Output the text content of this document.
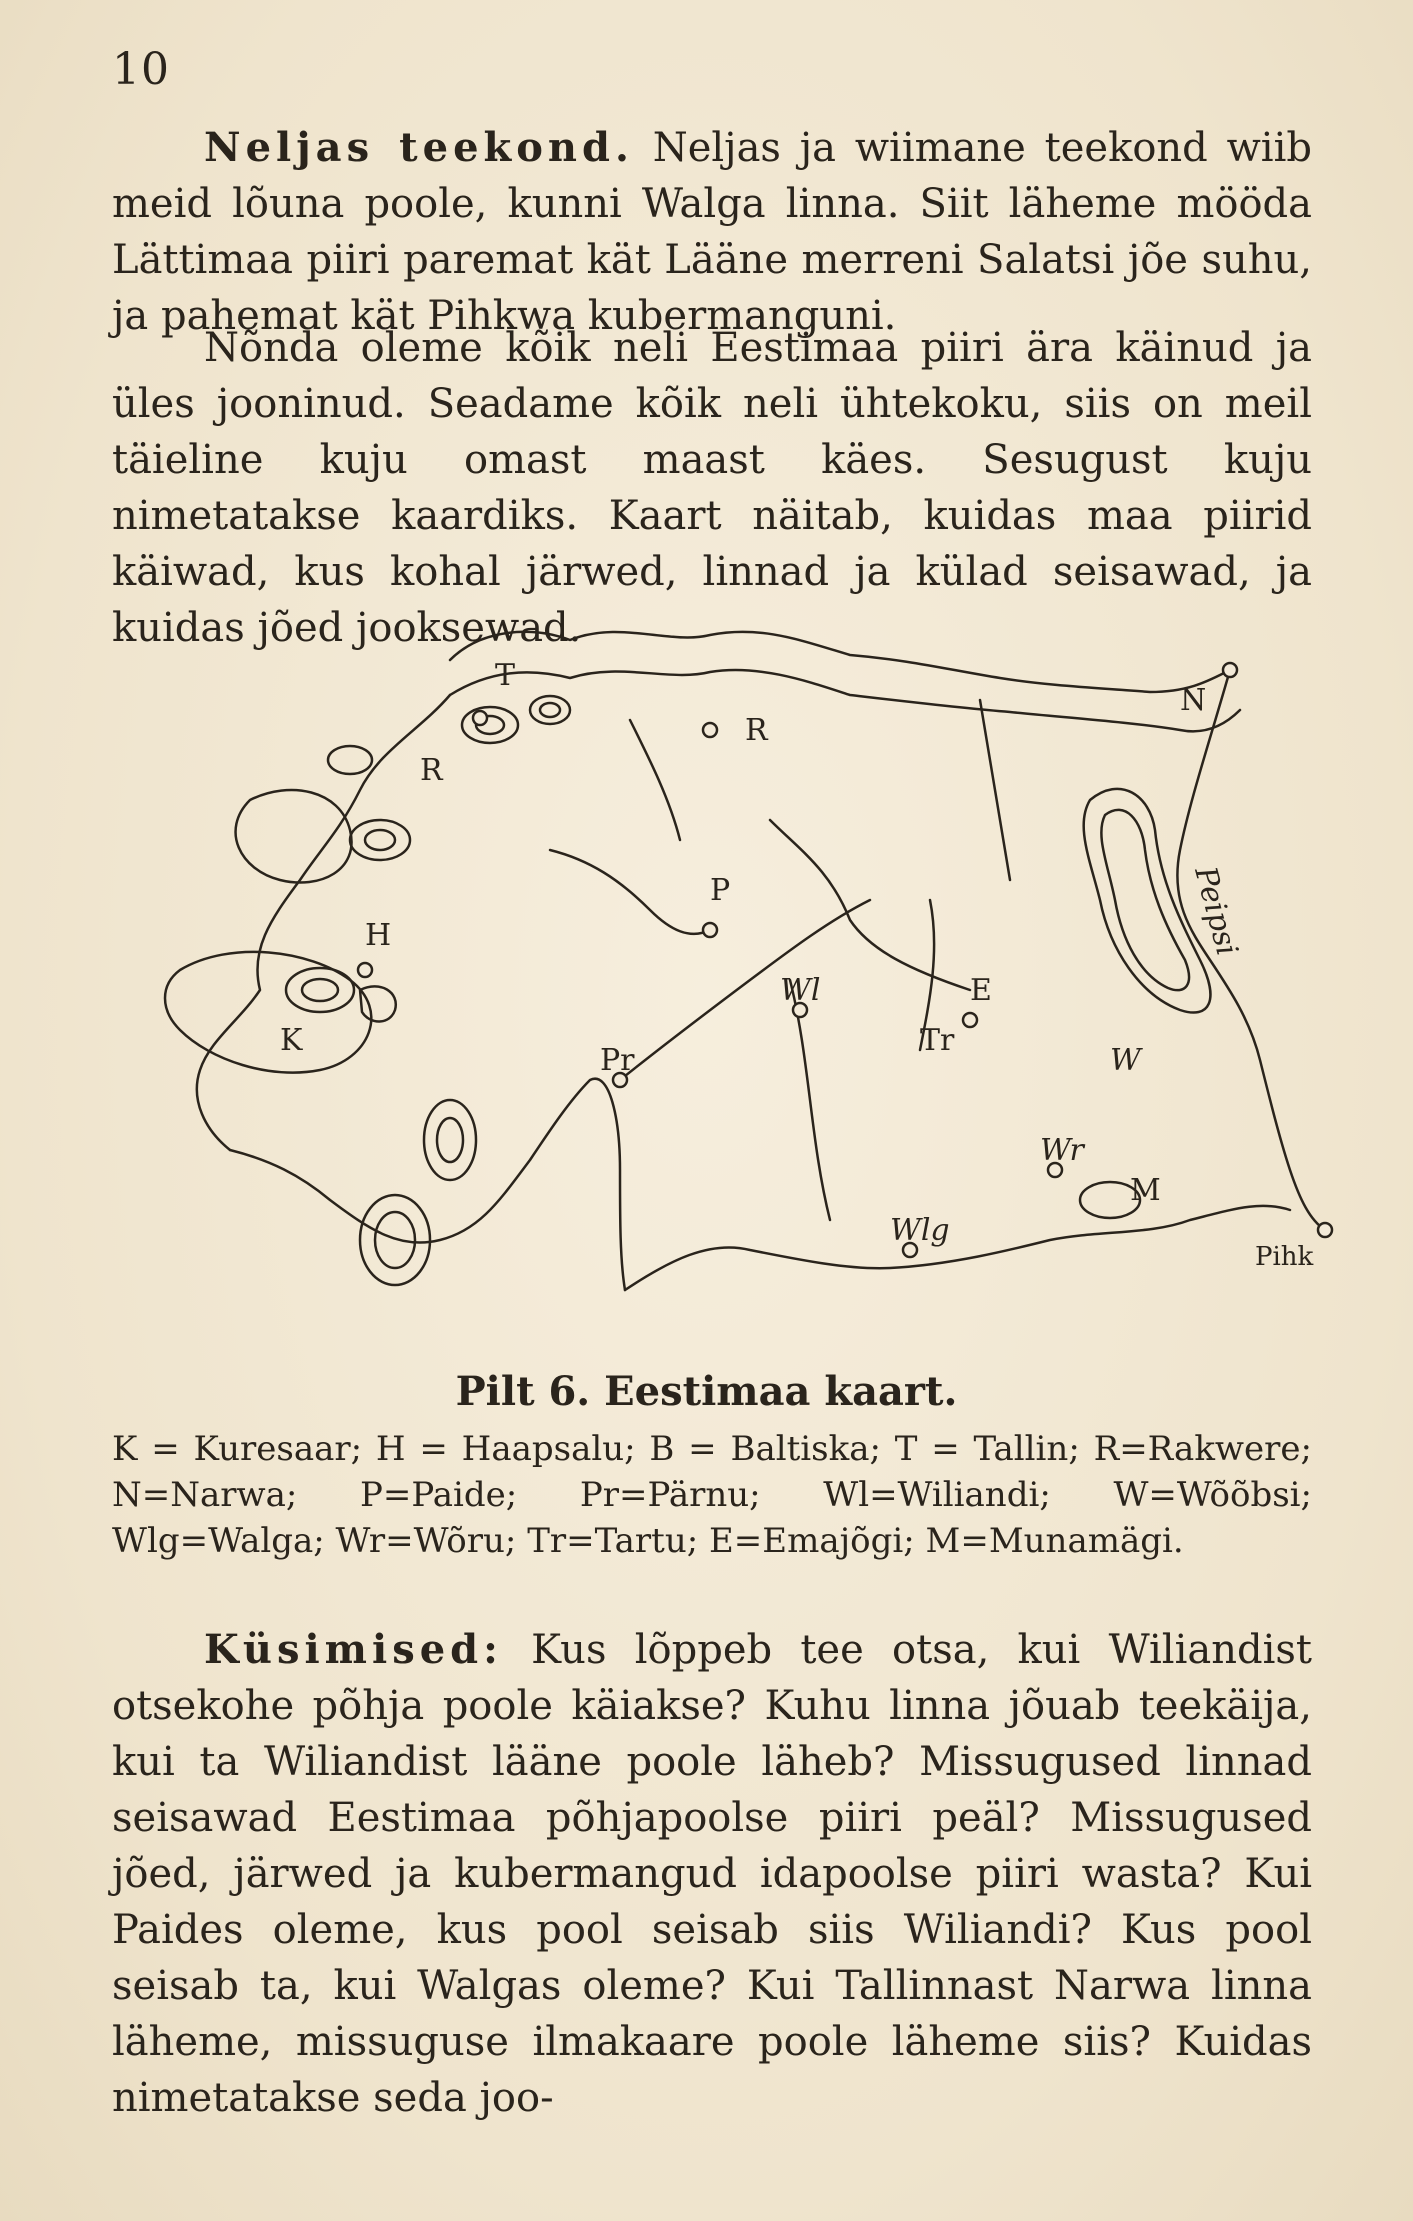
10

Neljas teekond. Neljas ja wiimane teekond wiib meid lõuna poole, kunni Walga linna. Siit läheme mööda Lättimaa piiri paremat kät Lääne merreni Salatsi jõe suhu, ja pahemat kät Pihkwa kubermanguni.

Nõnda oleme kõik neli Eestimaa piiri ära käinud ja üles jooninud. Seadame kõik neli ühtekoku, siis on meil täieline kuju omast maast käes. Sesugust kuju nimetatakse kaardiks. Kaart näitab, kuidas maa piirid käiwad, kus kohal järwed, linnad ja külad seisawad, ja kuidas jõed jooksewad.

T
R
N
R
P
H
K
Pr
Wl	E
Tr
W
Wr
M
Wlg
Peipsi
Pihk
Pilt 6. Eestimaa kaart.

K = Kuresaar; H = Haapsalu; B = Baltiska; T = Tallin; R=Rakwere; N=Narwa; P=Paide; Pr=Pärnu; Wl=Wiliandi; W=Wõõbsi; Wlg=Walga; Wr=Wõru; Tr=Tartu; E=Emajõgi; M=Munamägi.

Küsimised: Kus lõppeb tee otsa, kui Wiliandist otsekohe põhja poole käiakse? Kuhu linna jõuab teekäija, kui ta Wiliandist lääne poole läheb? Missugused linnad seisawad Eestimaa põhjapoolse piiri peäl? Missugused jõed, järwed ja kubermangud idapoolse piiri wasta? Kui Paides oleme, kus pool seisab siis Wiliandi? Kus pool seisab ta, kui Walgas oleme? Kui Tallinnast Narwa linna läheme, missuguse ilmakaare poole läheme siis? Kuidas nimetatakse seda joo-
